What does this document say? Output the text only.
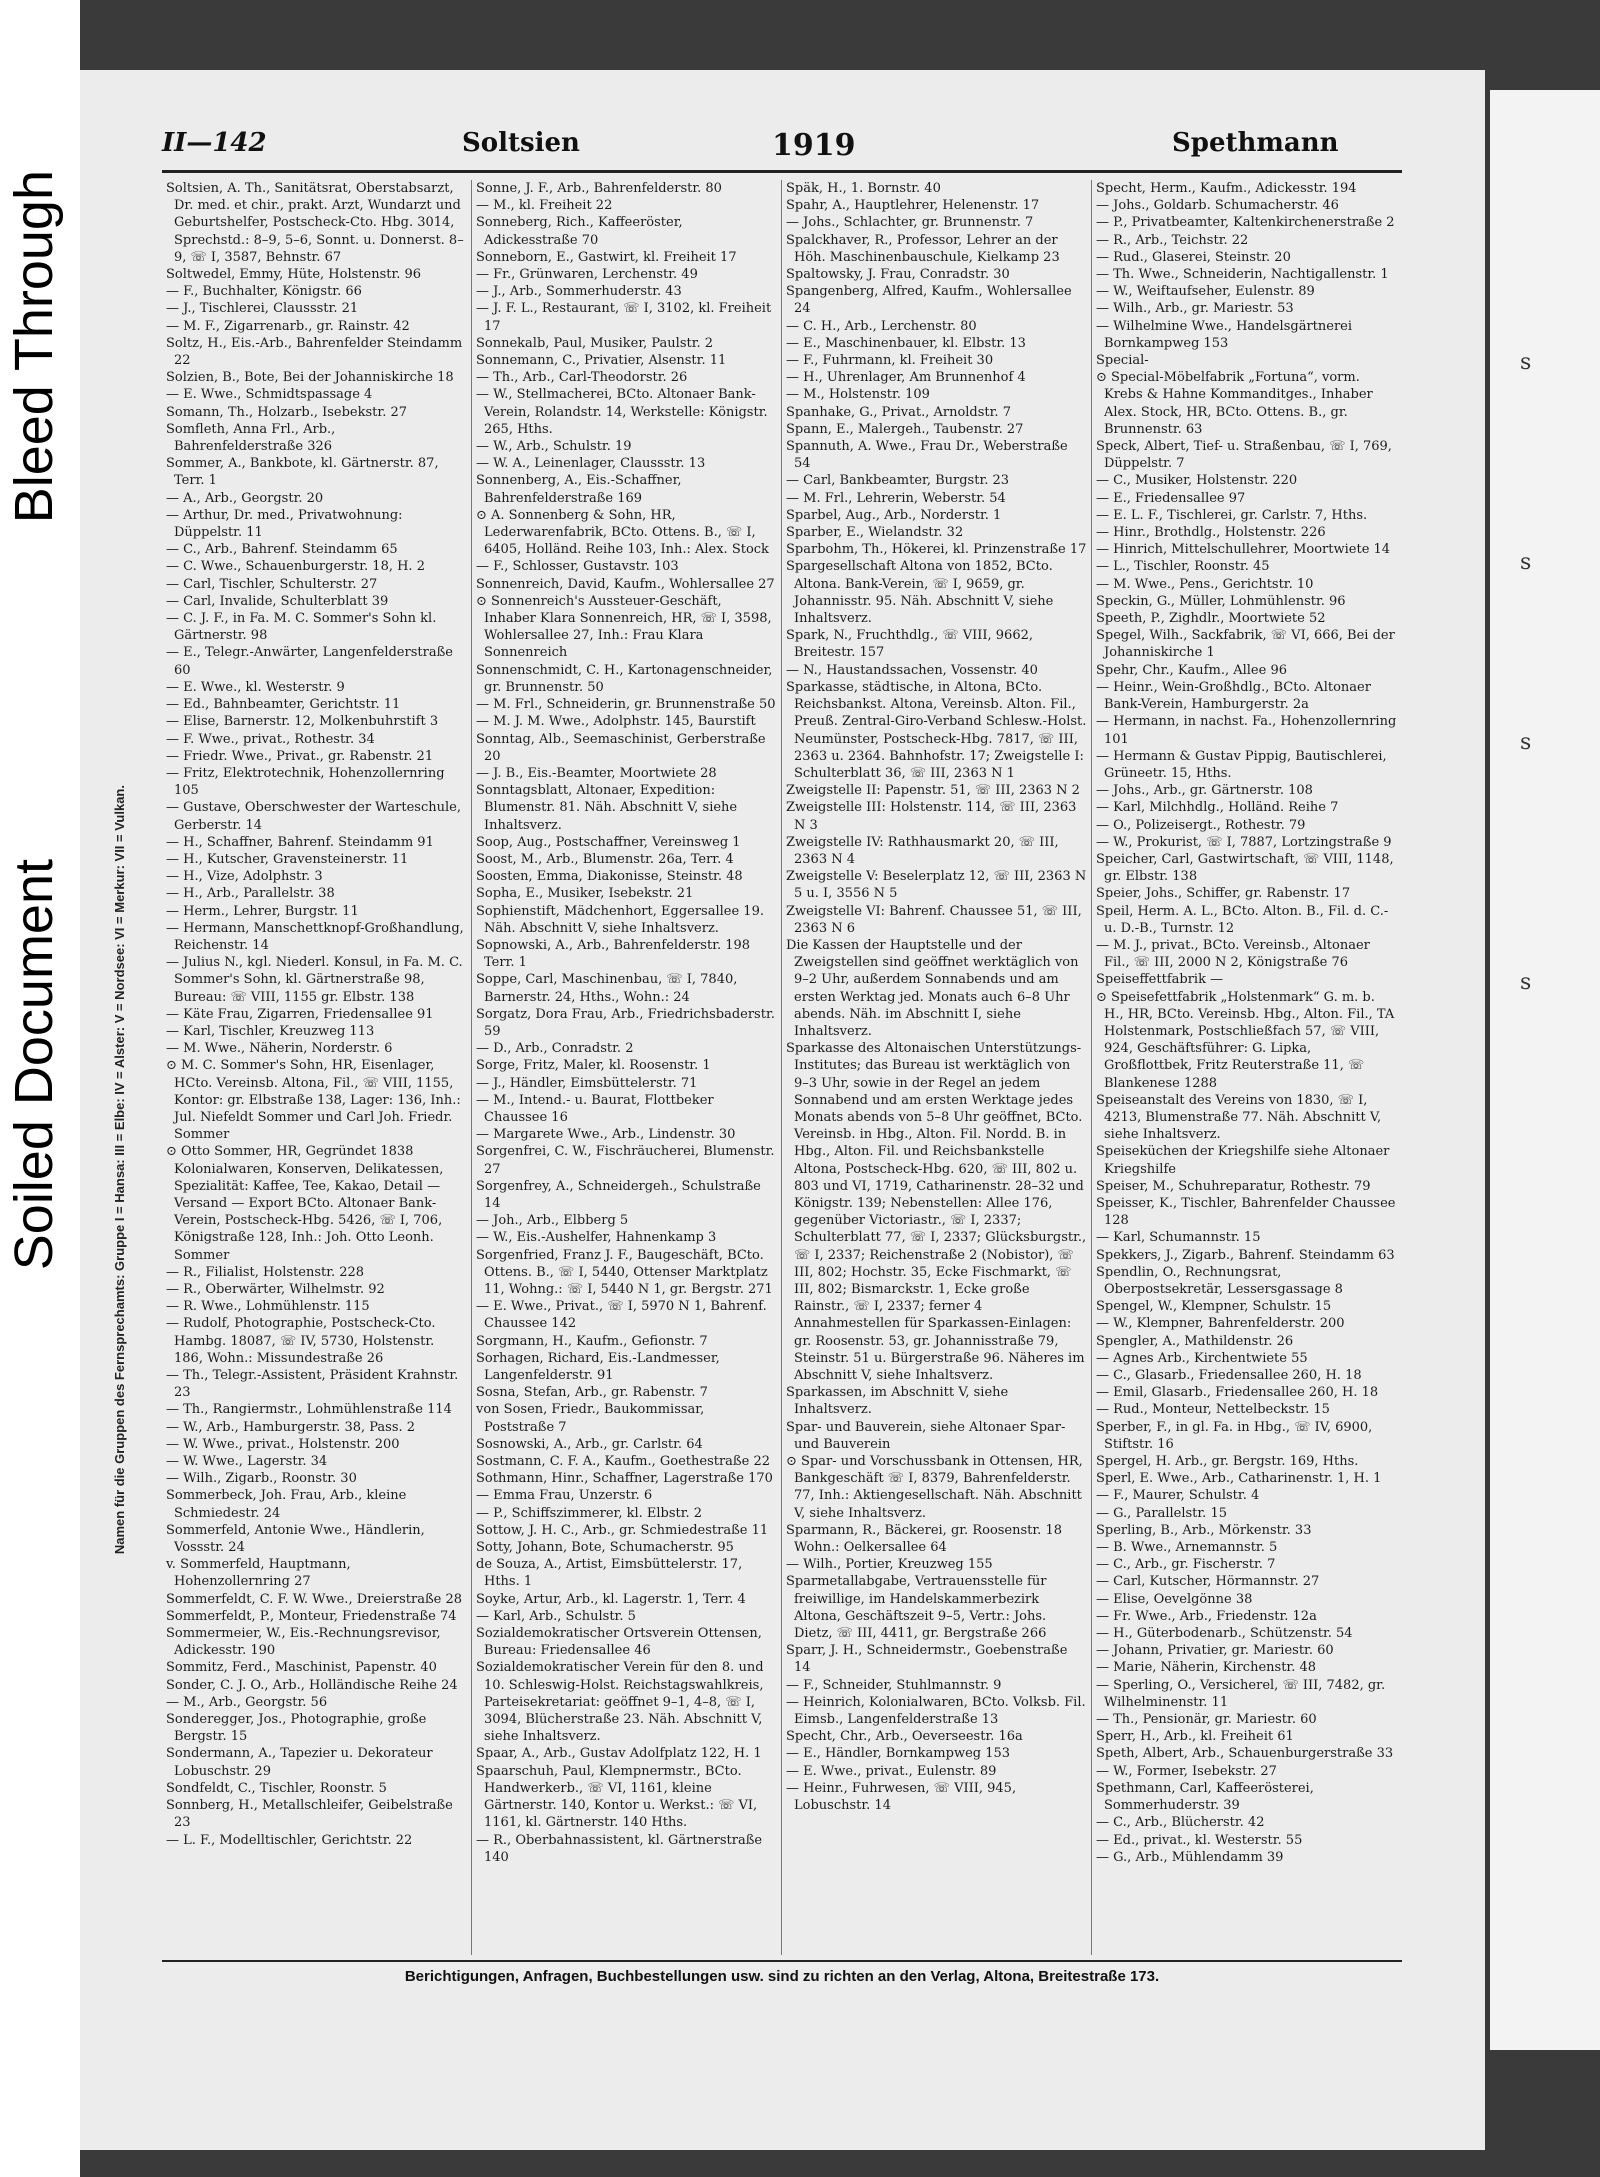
Bleed Through
Soiled Document
s
s
s
s
Namen für die Gruppen des Fernsprechamts: Gruppe I = Hansa: III = Elbe: IV = Alster: V = Nordsee: VI = Merkur: VII = Vulkan.
II—142	Soltsien	1919	Spethmann
Soltsien, A. Th., Sanitätsrat, Oberstabsarzt, Dr. med. et chir., prakt. Arzt, Wundarzt und Geburtshelfer, Postscheck-Cto. Hbg. 3014, Sprechstd.: 8–9, 5–6, Sonnt. u. Donnerst. 8–9, ☏ I, 3587, Behnstr. 67
Soltwedel, Emmy, Hüte, Holstenstr. 96
— F., Buchhalter, Königstr. 66
— J., Tischlerei, Claussstr. 21
— M. F., Zigarrenarb., gr. Rainstr. 42
Soltz, H., Eis.-Arb., Bahrenfelder Steindamm 22
Solzien, B., Bote, Bei der Johanniskirche 18
— E. Wwe., Schmidtspassage 4
Somann, Th., Holzarb., Isebekstr. 27
Somfleth, Anna Frl., Arb., Bahrenfelderstraße 326
Sommer, A., Bankbote, kl. Gärtnerstr. 87, Terr. 1
— A., Arb., Georgstr. 20
— Arthur, Dr. med., Privatwohnung: Düppelstr. 11
— C., Arb., Bahrenf. Steindamm 65
— C. Wwe., Schauenburgerstr. 18, H. 2
— Carl, Tischler, Schulterstr. 27
— Carl, Invalide, Schulterblatt 39
— C. J. F., in Fa. M. C. Sommer's Sohn kl. Gärtnerstr. 98
— E., Telegr.-Anwärter, Langenfelderstraße 60
— E. Wwe., kl. Westerstr. 9
— Ed., Bahnbeamter, Gerichtstr. 11
— Elise, Barnerstr. 12, Molkenbuhrstift 3
— F. Wwe., privat., Rothestr. 34
— Friedr. Wwe., Privat., gr. Rabenstr. 21
— Fritz, Elektrotechnik, Hohenzollernring 105
— Gustave, Oberschwester der Warteschule, Gerberstr. 14
— H., Schaffner, Bahrenf. Steindamm 91
— H., Kutscher, Gravensteinerstr. 11
— H., Vize, Adolphstr. 3
— H., Arb., Parallelstr. 38
— Herm., Lehrer, Burgstr. 11
— Hermann, Manschettknopf-Großhandlung, Reichenstr. 14
— Julius N., kgl. Niederl. Konsul, in Fa. M. C. Sommer's Sohn, kl. Gärtnerstraße 98, Bureau: ☏ VIII, 1155 gr. Elbstr. 138
— Käte Frau, Zigarren, Friedensallee 91
— Karl, Tischler, Kreuzweg 113
— M. Wwe., Näherin, Norderstr. 6
⊙ M. C. Sommer's Sohn, HR, Eisenlager, HCto. Vereinsb. Altona, Fil., ☏ VIII, 1155, Kontor: gr. Elbstraße 138, Lager: 136, Inh.: Jul. Niefeldt Sommer und Carl Joh. Friedr. Sommer
⊙ Otto Sommer, HR, Gegründet 1838 Kolonialwaren, Konserven, Delikatessen, Spezialität: Kaffee, Tee, Kakao, Detail — Versand — Export BCto. Altonaer Bank-Verein, Postscheck-Hbg. 5426, ☏ I, 706, Königstraße 128, Inh.: Joh. Otto Leonh. Sommer
— R., Filialist, Holstenstr. 228
— R., Oberwärter, Wilhelmstr. 92
— R. Wwe., Lohmühlenstr. 115
— Rudolf, Photographie, Postscheck-Cto. Hambg. 18087, ☏ IV, 5730, Holstenstr. 186, Wohn.: Missundestraße 26
— Th., Telegr.-Assistent, Präsident Krahnstr. 23
— Th., Rangiermstr., Lohmühlenstraße 114
— W., Arb., Hamburgerstr. 38, Pass. 2
— W. Wwe., privat., Holstenstr. 200
— W. Wwe., Lagerstr. 34
— Wilh., Zigarb., Roonstr. 30
Sommerbeck, Joh. Frau, Arb., kleine Schmiedestr. 24
Sommerfeld, Antonie Wwe., Händlerin, Vossstr. 24
v. Sommerfeld, Hauptmann, Hohenzollernring 27
Sommerfeldt, C. F. W. Wwe., Dreierstraße 28
Sommerfeldt, P., Monteur, Friedenstraße 74
Sommermeier, W., Eis.-Rechnungsrevisor, Adickesstr. 190
Sommitz, Ferd., Maschinist, Papenstr. 40
Sonder, C. J. O., Arb., Holländische Reihe 24
— M., Arb., Georgstr. 56
Sonderegger, Jos., Photographie, große Bergstr. 15
Sondermann, A., Tapezier u. Dekorateur Lobuschstr. 29
Sondfeldt, C., Tischler, Roonstr. 5
Sonnberg, H., Metallschleifer, Geibelstraße 23
— L. F., Modelltischler, Gerichtstr. 22
Sonne, J. F., Arb., Bahrenfelderstr. 80
— M., kl. Freiheit 22
Sonneberg, Rich., Kaffeeröster, Adickesstraße 70
Sonneborn, E., Gastwirt, kl. Freiheit 17
— Fr., Grünwaren, Lerchenstr. 49
— J., Arb., Sommerhuderstr. 43
— J. F. L., Restaurant, ☏ I, 3102, kl. Freiheit 17
Sonnekalb, Paul, Musiker, Paulstr. 2
Sonnemann, C., Privatier, Alsenstr. 11
— Th., Arb., Carl-Theodorstr. 26
— W., Stellmacherei, BCto. Altonaer Bank-Verein, Rolandstr. 14, Werkstelle: Königstr. 265, Hths.
— W., Arb., Schulstr. 19
— W. A., Leinenlager, Claussstr. 13
Sonnenberg, A., Eis.-Schaffner, Bahrenfelderstraße 169
⊙ A. Sonnenberg & Sohn, HR, Lederwarenfabrik, BCto. Ottens. B., ☏ I, 6405, Holländ. Reihe 103, Inh.: Alex. Stock
— F., Schlosser, Gustavstr. 103
Sonnenreich, David, Kaufm., Wohlersallee 27
⊙ Sonnenreich's Aussteuer-Geschäft, Inhaber Klara Sonnenreich, HR, ☏ I, 3598, Wohlersallee 27, Inh.: Frau Klara Sonnenreich
Sonnenschmidt, C. H., Kartonagenschneider, gr. Brunnenstr. 50
— M. Frl., Schneiderin, gr. Brunnenstraße 50
— M. J. M. Wwe., Adolphstr. 145, Baurstift
Sonntag, Alb., Seemaschinist, Gerberstraße 20
— J. B., Eis.-Beamter, Moortwiete 28
Sonntagsblatt, Altonaer, Expedition: Blumenstr. 81. Näh. Abschnitt V, siehe Inhaltsverz.
Soop, Aug., Postschaffner, Vereinsweg 1
Soost, M., Arb., Blumenstr. 26a, Terr. 4
Soosten, Emma, Diakonisse, Steinstr. 48
Sopha, E., Musiker, Isebekstr. 21
Sophienstift, Mädchenhort, Eggersallee 19. Näh. Abschnitt V, siehe Inhaltsverz.
Sopnowski, A., Arb., Bahrenfelderstr. 198 Terr. 1
Soppe, Carl, Maschinenbau, ☏ I, 7840, Barnerstr. 24, Hths., Wohn.: 24
Sorgatz, Dora Frau, Arb., Friedrichsbaderstr. 59
— D., Arb., Conradstr. 2
Sorge, Fritz, Maler, kl. Roosenstr. 1
— J., Händler, Eimsbüttelerstr. 71
— M., Intend.- u. Baurat, Flottbeker Chaussee 16
— Margarete Wwe., Arb., Lindenstr. 30
Sorgenfrei, C. W., Fischräucherei, Blumenstr. 27
Sorgenfrey, A., Schneidergeh., Schulstraße 14
— Joh., Arb., Elbberg 5
— W., Eis.-Aushelfer, Hahnenkamp 3
Sorgenfried, Franz J. F., Baugeschäft, BCto. Ottens. B., ☏ I, 5440, Ottenser Marktplatz 11, Wohng.: ☏ I, 5440 N 1, gr. Bergstr. 271
— E. Wwe., Privat., ☏ I, 5970 N 1, Bahrenf. Chaussee 142
Sorgmann, H., Kaufm., Gefionstr. 7
Sorhagen, Richard, Eis.-Landmesser, Langenfelderstr. 91
Sosna, Stefan, Arb., gr. Rabenstr. 7
von Sosen, Friedr., Baukommissar, Poststraße 7
Sosnowski, A., Arb., gr. Carlstr. 64
Sostmann, C. F. A., Kaufm., Goethestraße 22
Sothmann, Hinr., Schaffner, Lagerstraße 170
— Emma Frau, Unzerstr. 6
— P., Schiffszimmerer, kl. Elbstr. 2
Sottow, J. H. C., Arb., gr. Schmiedestraße 11
Sotty, Johann, Bote, Schumacherstr. 95
de Souza, A., Artist, Eimsbüttelerstr. 17, Hths. 1
Soyke, Artur, Arb., kl. Lagerstr. 1, Terr. 4
— Karl, Arb., Schulstr. 5
Sozialdemokratischer Ortsverein Ottensen, Bureau: Friedensallee 46
Sozialdemokratischer Verein für den 8. und 10. Schleswig-Holst. Reichstagswahlkreis, Parteisekretariat: geöffnet 9–1, 4–8, ☏ I, 3094, Blücherstraße 23. Näh. Abschnitt V, siehe Inhaltsverz.
Spaar, A., Arb., Gustav Adolfplatz 122, H. 1
Spaarschuh, Paul, Klempnermstr., BCto. Handwerkerb., ☏ VI, 1161, kleine Gärtnerstr. 140, Kontor u. Werkst.: ☏ VI, 1161, kl. Gärtnerstr. 140 Hths.
— R., Oberbahnassistent, kl. Gärtnerstraße 140
Späk, H., 1. Bornstr. 40
Spahr, A., Hauptlehrer, Helenenstr. 17
— Johs., Schlachter, gr. Brunnenstr. 7
Spalckhaver, R., Professor, Lehrer an der Höh. Maschinenbauschule, Kielkamp 23
Spaltowsky, J. Frau, Conradstr. 30
Spangenberg, Alfred, Kaufm., Wohlersallee 24
— C. H., Arb., Lerchenstr. 80
— E., Maschinenbauer, kl. Elbstr. 13
— F., Fuhrmann, kl. Freiheit 30
— H., Uhrenlager, Am Brunnenhof 4
— M., Holstenstr. 109
Spanhake, G., Privat., Arnoldstr. 7
Spann, E., Malergeh., Taubenstr. 27
Spannuth, A. Wwe., Frau Dr., Weberstraße 54
— Carl, Bankbeamter, Burgstr. 23
— M. Frl., Lehrerin, Weberstr. 54
Sparbel, Aug., Arb., Norderstr. 1
Sparber, E., Wielandstr. 32
Sparbohm, Th., Hökerei, kl. Prinzenstraße 17
Spargesellschaft Altona von 1852, BCto. Altona. Bank-Verein, ☏ I, 9659, gr. Johannisstr. 95. Näh. Abschnitt V, siehe Inhaltsverz.
Spark, N., Fruchthdlg., ☏ VIII, 9662, Breitestr. 157
— N., Haustandssachen, Vossenstr. 40
Sparkasse, städtische, in Altona, BCto. Reichsbankst. Altona, Vereinsb. Alton. Fil., Preuß. Zentral-Giro-Verband Schlesw.-Holst. Neumünster, Postscheck-Hbg. 7817, ☏ III, 2363 u. 2364. Bahnhofstr. 17; Zweigstelle I: Schulterblatt 36, ☏ III, 2363 N 1
Zweigstelle II: Papenstr. 51, ☏ III, 2363 N 2
Zweigstelle III: Holstenstr. 114, ☏ III, 2363 N 3
Zweigstelle IV: Rathhausmarkt 20, ☏ III, 2363 N 4
Zweigstelle V: Beselerplatz 12, ☏ III, 2363 N 5 u. I, 3556 N 5
Zweigstelle VI: Bahrenf. Chaussee 51, ☏ III, 2363 N 6
Die Kassen der Hauptstelle und der Zweigstellen sind geöffnet werktäglich von 9–2 Uhr, außerdem Sonnabends und am ersten Werktag jed. Monats auch 6–8 Uhr abends. Näh. im Abschnitt I, siehe Inhaltsverz.
Sparkasse des Altonaischen Unterstützungs-Institutes; das Bureau ist werktäglich von 9–3 Uhr, sowie in der Regel an jedem Sonnabend und am ersten Werktage jedes Monats abends von 5–8 Uhr geöffnet, BCto. Vereinsb. in Hbg., Alton. Fil. Nordd. B. in Hbg., Alton. Fil. und Reichsbankstelle Altona, Postscheck-Hbg. 620, ☏ III, 802 u. 803 und VI, 1719, Catharinenstr. 28–32 und Königstr. 139; Nebenstellen: Allee 176, gegenüber Victoriastr., ☏ I, 2337; Schulterblatt 77, ☏ I, 2337; Glücksburgstr., ☏ I, 2337; Reichenstraße 2 (Nobistor), ☏ III, 802; Hochstr. 35, Ecke Fischmarkt, ☏ III, 802; Bismarckstr. 1, Ecke große Rainstr., ☏ I, 2337; ferner 4 Annahmestellen für Sparkassen-Einlagen: gr. Roosenstr. 53, gr. Johannisstraße 79, Steinstr. 51 u. Bürgerstraße 96. Näheres im Abschnitt V, siehe Inhaltsverz.
Sparkassen, im Abschnitt V, siehe Inhaltsverz.
Spar- und Bauverein, siehe Altonaer Spar- und Bauverein
⊙ Spar- und Vorschussbank in Ottensen, HR, Bankgeschäft ☏ I, 8379, Bahrenfelderstr. 77, Inh.: Aktiengesellschaft. Näh. Abschnitt V, siehe Inhaltsverz.
Sparmann, R., Bäckerei, gr. Roosenstr. 18 Wohn.: Oelkersallee 64
— Wilh., Portier, Kreuzweg 155
Sparmetallabgabe, Vertrauensstelle für freiwillige, im Handelskammerbezirk Altona, Geschäftszeit 9–5, Vertr.: Johs. Dietz, ☏ III, 4411, gr. Bergstraße 266
Sparr, J. H., Schneidermstr., Goebenstraße 14
— F., Schneider, Stuhlmannstr. 9
— Heinrich, Kolonialwaren, BCto. Volksb. Fil. Eimsb., Langenfelderstraße 13
Specht, Chr., Arb., Oeverseestr. 16a
— E., Händler, Bornkampweg 153
— E. Wwe., privat., Eulenstr. 89
— Heinr., Fuhrwesen, ☏ VIII, 945, Lobuschstr. 14
Specht, Herm., Kaufm., Adickesstr. 194
— Johs., Goldarb. Schumacherstr. 46
— P., Privatbeamter, Kaltenkirchenerstraße 2
— R., Arb., Teichstr. 22
— Rud., Glaserei, Steinstr. 20
— Th. Wwe., Schneiderin, Nachtigallenstr. 1
— W., Weiftaufseher, Eulenstr. 89
— Wilh., Arb., gr. Mariestr. 53
— Wilhelmine Wwe., Handelsgärtnerei Bornkampweg 153
Special-
⊙ Special-Möbelfabrik „Fortuna“, vorm. Krebs & Hahne Kommanditges., Inhaber Alex. Stock, HR, BCto. Ottens. B., gr. Brunnenstr. 63
Speck, Albert, Tief- u. Straßenbau, ☏ I, 769, Düppelstr. 7
— C., Musiker, Holstenstr. 220
— E., Friedensallee 97
— E. L. F., Tischlerei, gr. Carlstr. 7, Hths.
— Hinr., Brothdlg., Holstenstr. 226
— Hinrich, Mittelschullehrer, Moortwiete 14
— L., Tischler, Roonstr. 45
— M. Wwe., Pens., Gerichtstr. 10
Speckin, G., Müller, Lohmühlenstr. 96
Speeth, P., Zighdlr., Moortwiete 52
Spegel, Wilh., Sackfabrik, ☏ VI, 666, Bei der Johanniskirche 1
Spehr, Chr., Kaufm., Allee 96
— Heinr., Wein-Großhdlg., BCto. Altonaer Bank-Verein, Hamburgerstr. 2a
— Hermann, in nachst. Fa., Hohenzollernring 101
— Hermann & Gustav Pippig, Bautischlerei, Grüneetr. 15, Hths.
— Johs., Arb., gr. Gärtnerstr. 108
— Karl, Milchhdlg., Holländ. Reihe 7
— O., Polizeisergt., Rothestr. 79
— W., Prokurist, ☏ I, 7887, Lortzingstraße 9
Speicher, Carl, Gastwirtschaft, ☏ VIII, 1148, gr. Elbstr. 138
Speier, Johs., Schiffer, gr. Rabenstr. 17
Speil, Herm. A. L., BCto. Alton. B., Fil. d. C.- u. D.-B., Turnstr. 12
— M. J., privat., BCto. Vereinsb., Altonaer Fil., ☏ III, 2000 N 2, Königstraße 76
Speiseffettfabrik —
⊙ Speisefettfabrik „Holstenmark“ G. m. b. H., HR, BCto. Vereinsb. Hbg., Alton. Fil., TA Holstenmark, Postschließfach 57, ☏ VIII, 924, Geschäftsführer: G. Lipka, Großflottbek, Fritz Reuterstraße 11, ☏ Blankenese 1288
Speiseanstalt des Vereins von 1830, ☏ I, 4213, Blumenstraße 77. Näh. Abschnitt V, siehe Inhaltsverz.
Speiseküchen der Kriegshilfe siehe Altonaer Kriegshilfe
Speiser, M., Schuhreparatur, Rothestr. 79
Speisser, K., Tischler, Bahrenfelder Chaussee 128
— Karl, Schumannstr. 15
Spekkers, J., Zigarb., Bahrenf. Steindamm 63
Spendlin, O., Rechnungsrat, Oberpostsekretär, Lessersgassage 8
Spengel, W., Klempner, Schulstr. 15
— W., Klempner, Bahrenfelderstr. 200
Spengler, A., Mathildenstr. 26
— Agnes Arb., Kirchentwiete 55
— C., Glasarb., Friedensallee 260, H. 18
— Emil, Glasarb., Friedensallee 260, H. 18
— Rud., Monteur, Nettelbeckstr. 15
Sperber, F., in gl. Fa. in Hbg., ☏ IV, 6900, Stiftstr. 16
Spergel, H. Arb., gr. Bergstr. 169, Hths.
Sperl, E. Wwe., Arb., Catharinenstr. 1, H. 1
— F., Maurer, Schulstr. 4
— G., Parallelstr. 15
Sperling, B., Arb., Mörkenstr. 33
— B. Wwe., Arnemannstr. 5
— C., Arb., gr. Fischerstr. 7
— Carl, Kutscher, Hörmannstr. 27
— Elise, Oevelgönne 38
— Fr. Wwe., Arb., Friedenstr. 12a
— H., Güterbodenarb., Schützenstr. 54
— Johann, Privatier, gr. Mariestr. 60
— Marie, Näherin, Kirchenstr. 48
— Sperling, O., Versicherel, ☏ III, 7482, gr. Wilhelminenstr. 11
— Th., Pensionär, gr. Mariestr. 60
Sperr, H., Arb., kl. Freiheit 61
Speth, Albert, Arb., Schauenburgerstraße 33
— W., Former, Isebekstr. 27
Spethmann, Carl, Kaffeerösterei, Sommerhuderstr. 39
— C., Arb., Blücherstr. 42
— Ed., privat., kl. Westerstr. 55
— G., Arb., Mühlendamm 39
Berichtigungen, Anfragen, Buchbestellungen usw. sind zu richten an den Verlag, Altona, Breitestraße 173.
